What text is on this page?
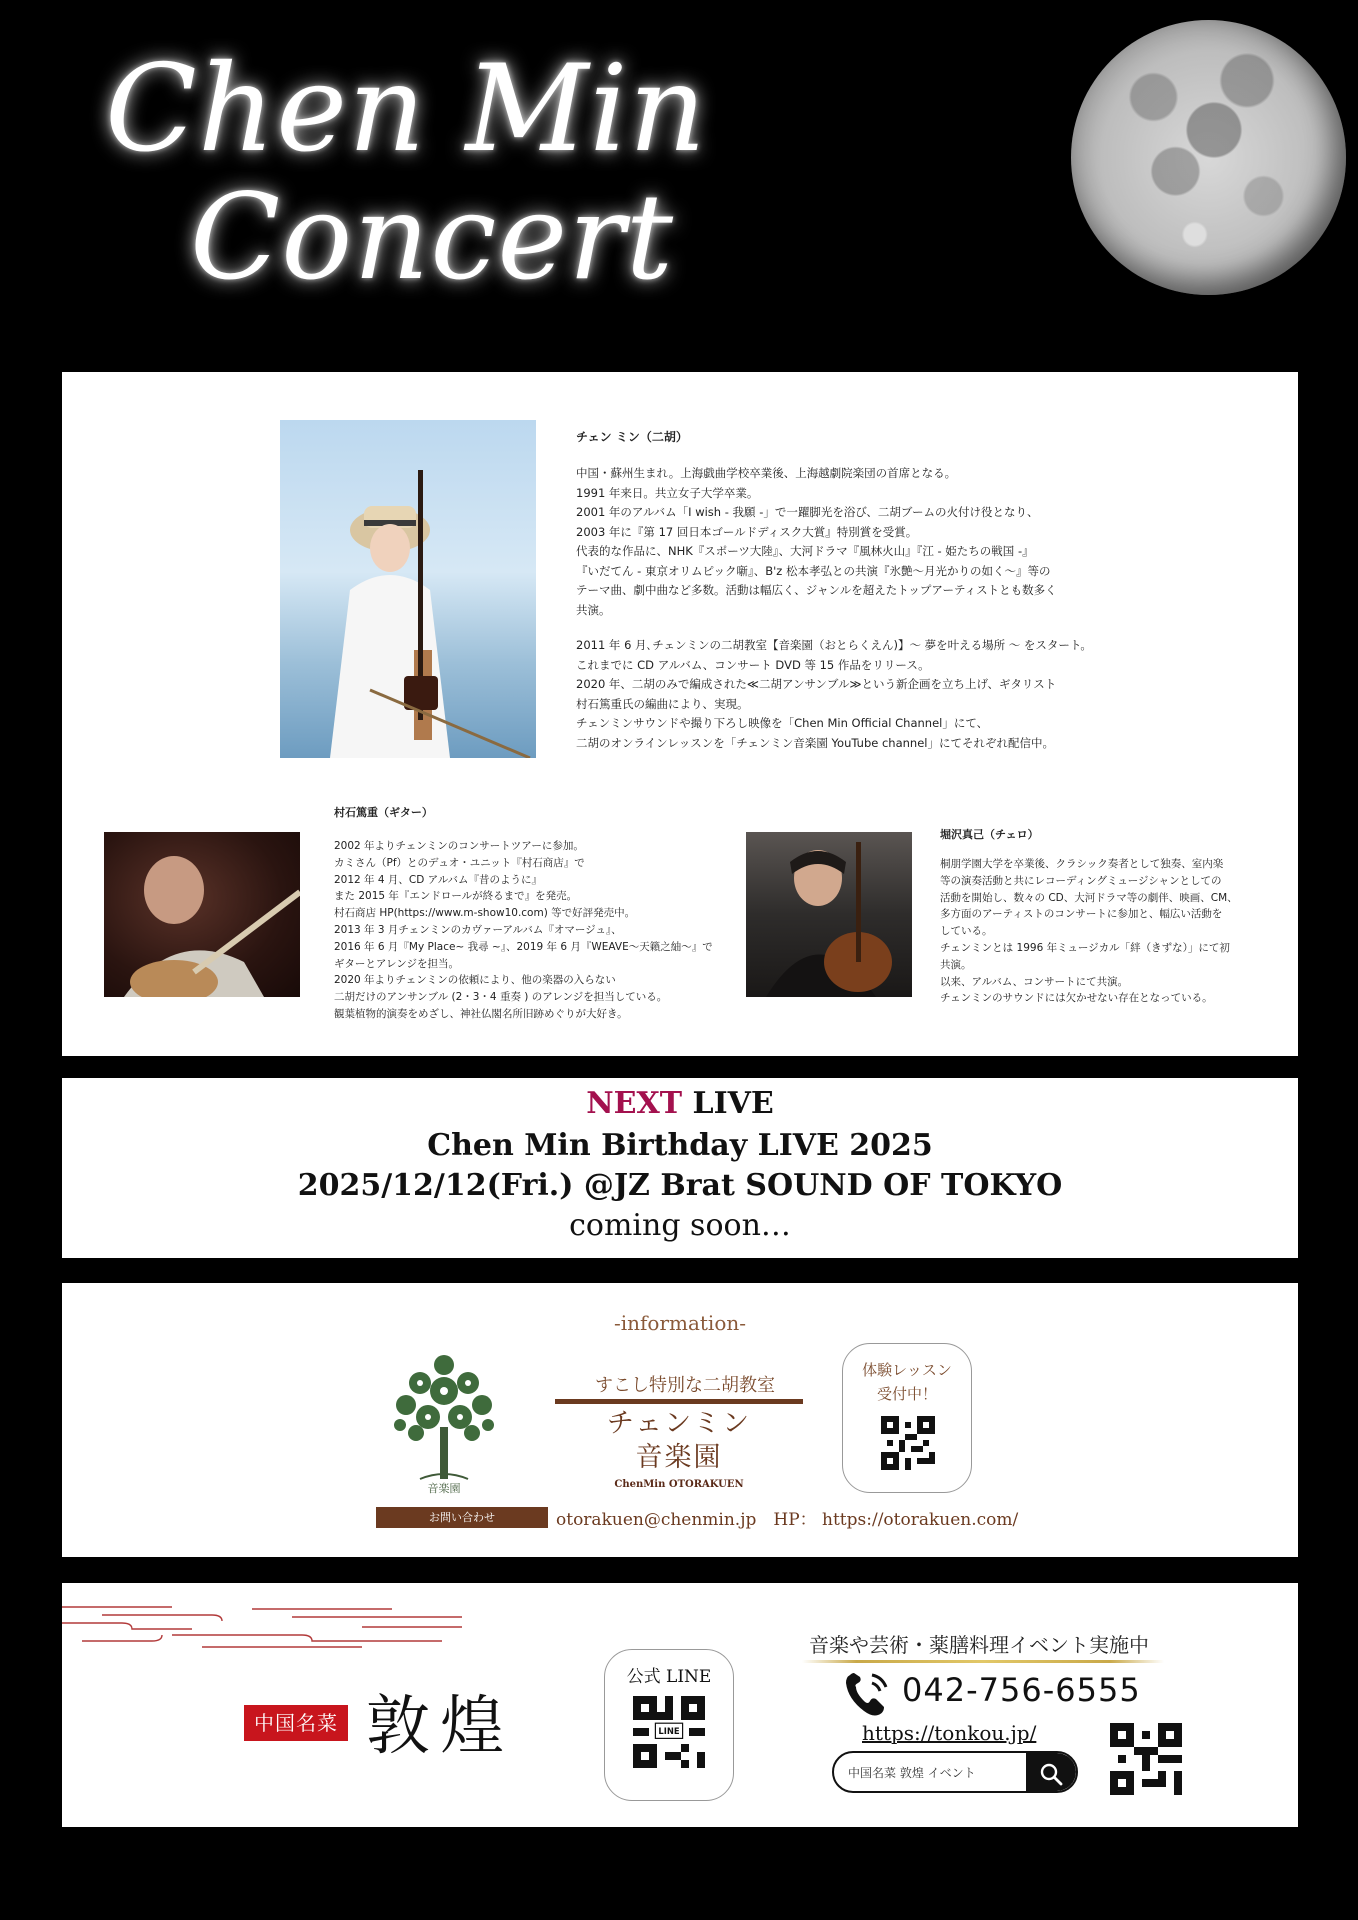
Chen Min
Concert
チェン ミン（二胡）
中国・蘇州生まれ。上海戯曲学校卒業後、上海越劇院楽団の首席となる。
1991 年来日。共立女子大学卒業。
2001 年のアルバム「I wish - 我願 -」で一躍脚光を浴び、二胡ブームの火付け役となり、
2003 年に『第 17 回日本ゴールドディスク大賞』特別賞を受賞。
代表的な作品に、NHK『スポーツ大陸』、大河ドラマ『風林火山』『江 - 姫たちの戦国 -』
『いだてん - 東京オリムピック噺』、B'z 松本孝弘との共演『氷艶〜月光かりの如く〜』等の
テーマ曲、劇中曲など多数。活動は幅広く、ジャンルを超えたトップアーティストとも数多く
共演。
2011 年 6 月､チェンミンの二胡教室【音楽園（おとらくえん)】〜 夢を叶える場所 〜 をスタート。
これまでに CD アルバム、コンサート DVD 等 15 作品をリリース。
2020 年、二胡のみで編成された≪二胡アンサンブル≫という新企画を立ち上げ、ギタリスト
村石篤重氏の編曲により、実現。
チェンミンサウンドや撮り下ろし映像を「Chen Min Official Channel」にて、
二胡のオンラインレッスンを「チェンミン音楽園 YouTube channel」にてそれぞれ配信中。
村石篤重（ギター）
2002 年よりチェンミンのコンサートツアーに参加。
カミさん（Pf）とのデュオ・ユニット『村石商店』で
2012 年 4 月、CD アルバム『昔のように』
また 2015 年『エンドロールが終るまで』を発売。
村石商店 HP(https://www.m-show10.com) 等で好評発売中。
2013 年 3 月チェンミンのカヴァーアルバム『オマージュ』、
2016 年 6 月『My Place~ 我尋 ~』、2019 年 6 月『WEAVE〜天籟之紬〜』で
ギターとアレンジを担当。
2020 年よりチェンミンの依頼により、他の楽器の入らない
二胡だけのアンサンブル (2・3・4 重奏 ) のアレンジを担当している。
観葉植物的演奏をめざし、神社仏閣名所旧跡めぐりが大好き。
堀沢真己（チェロ）
桐朋学園大学を卒業後、クラシック奏者として独奏、室内楽
等の演奏活動と共にレコーディングミュージシャンとしての
活動を開始し、数々の CD、大河ドラマ等の劇伴、映画、CM、
多方面のアーティストのコンサートに参加と、幅広い活動を
している。
チェンミンとは 1996 年ミュージカル「絆（きずな）」にて初
共演。
以来、アルバム、コンサートにて共演。
チェンミンのサウンドには欠かせない存在となっている。
NEXT LIVE
Chen Min Birthday LIVE 2025
2025/12/12(Fri.) @JZ Brat SOUND OF TOKYO
coming soon…
-information-
音楽園
すこし特別な二胡教室
チェンミン
音楽園
ChenMin OTORAKUEN
体験レッスン
受付中！
お問い合わせ	otorakuen@chenmin.jp　HP： https://otorakuen.com/
中国名菜 敦煌
公式 LINE
LINE
音楽や芸術・薬膳料理イベント実施中
042-756-6555
https://tonkou.jp/
中国名菜 敦煌 イベント
